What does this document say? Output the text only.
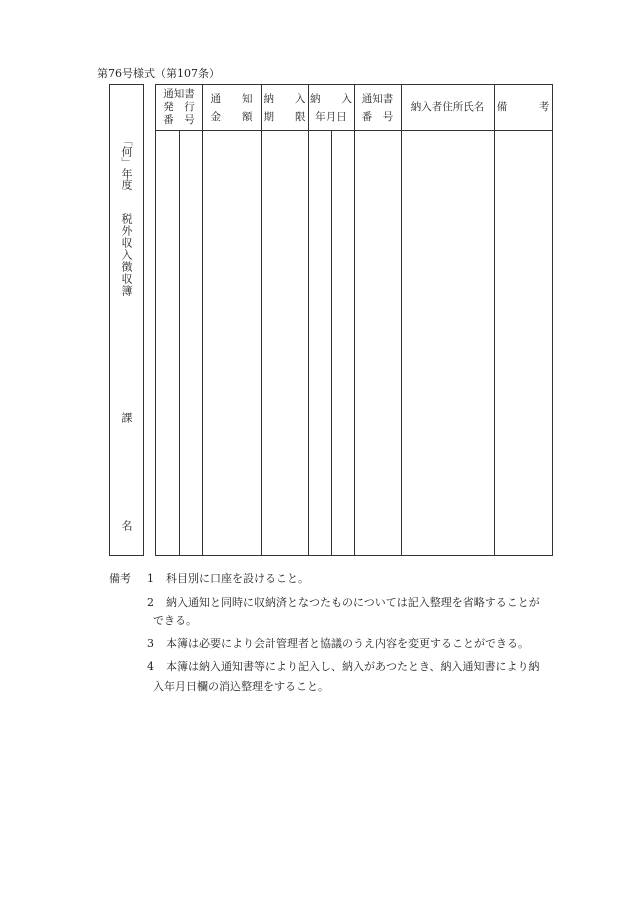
第76号様式（第107条）
「何」年度
税外収入徴収簿
課
名
通知書
発　行
番　号
通　　知
金　　額
納　　入
期　　限
納　　入
年月日
通知書
番　号
納入者住所氏名 備　　　考
備考 1 科目別に口座を設けること。
2 納入通知と同時に収納済となつたものについては記入整理を省略することが
できる。
3 本簿は必要により会計管理者と協議のうえ内容を変更することができる。
4 本簿は納入通知書等により記入し、納入があつたとき、納入通知書により納
入年月日欄の消込整理をすること。
